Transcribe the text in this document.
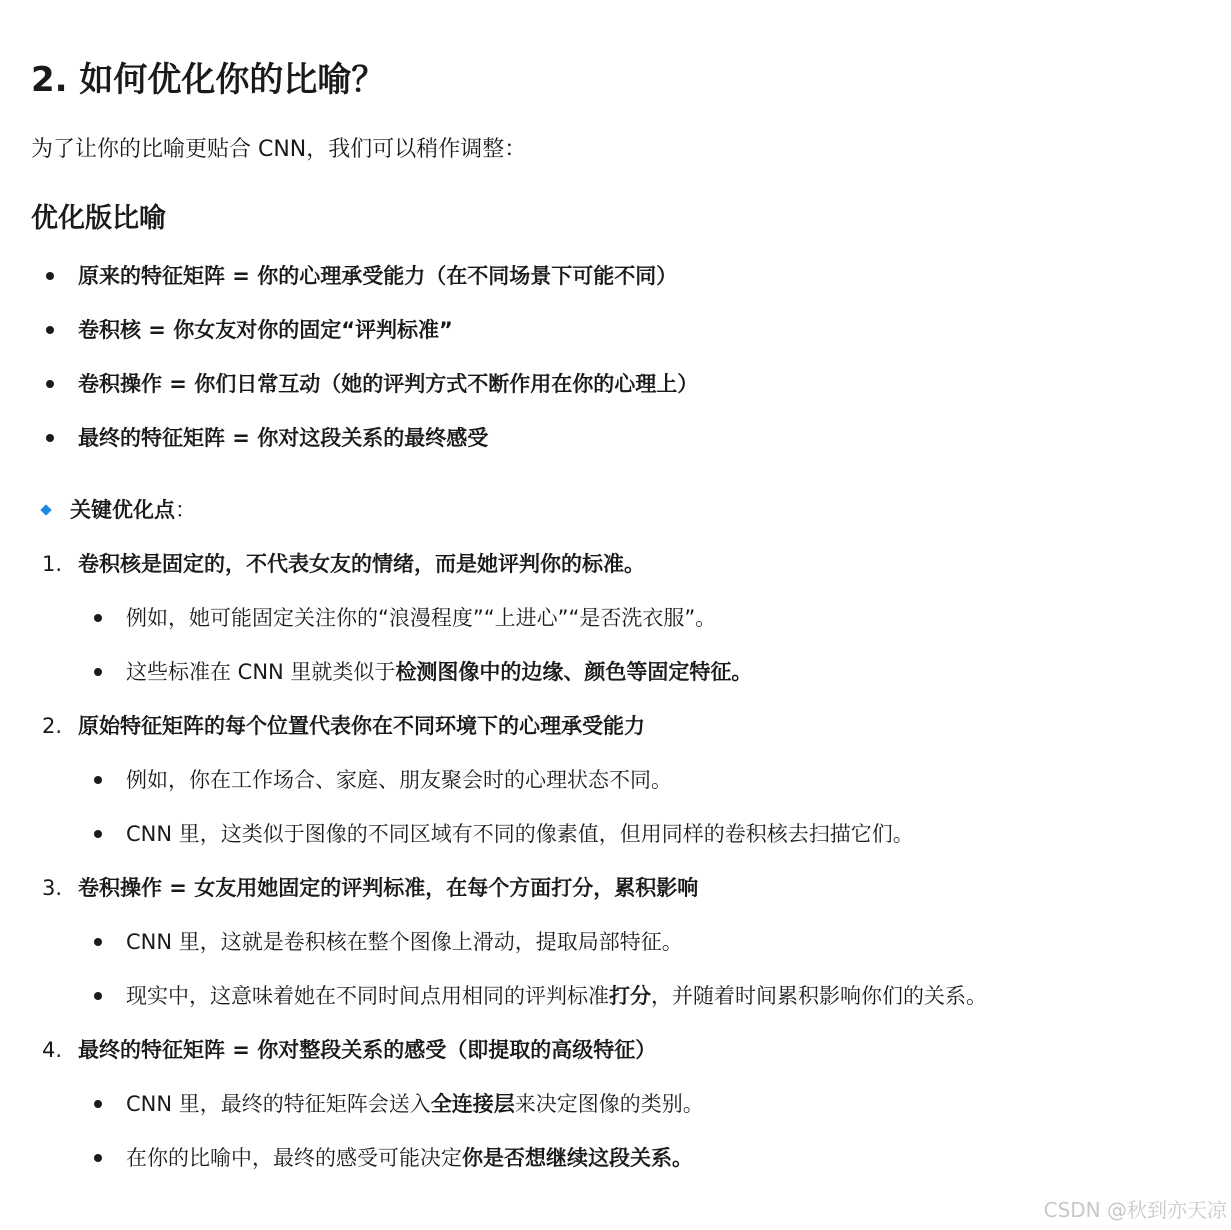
2. 如何优化你的比喻？

为了让你的比喻更贴合 CNN，我们可以稍作调整：

优化版比喻
原来的特征矩阵 = 你的心理承受能力（在不同场景下可能不同）
卷积核 = 你女友对你的固定“评判标准”
卷积操作 = 你们日常互动（她的评判方式不断作用在你的心理上）
最终的特征矩阵 = 你对这段关系的最终感受
关键优化点：
1. 卷积核是固定的，不代表女友的情绪，而是她评判你的标准。
例如，她可能固定关注你的“浪漫程度”“上进心”“是否洗衣服”。
这些标准在 CNN 里就类似于检测图像中的边缘、颜色等固定特征。
2. 原始特征矩阵的每个位置代表你在不同环境下的心理承受能力
例如，你在工作场合、家庭、朋友聚会时的心理状态不同。
CNN 里，这类似于图像的不同区域有不同的像素值，但用同样的卷积核去扫描它们。
3. 卷积操作 = 女友用她固定的评判标准，在每个方面打分，累积影响
CNN 里，这就是卷积核在整个图像上滑动，提取局部特征。
现实中，这意味着她在不同时间点用相同的评判标准打分，并随着时间累积影响你们的关系。
4. 最终的特征矩阵 = 你对整段关系的感受（即提取的高级特征）
CNN 里，最终的特征矩阵会送入全连接层来决定图像的类别。
在你的比喻中，最终的感受可能决定你是否想继续这段关系。
CSDN @秋到亦天凉
